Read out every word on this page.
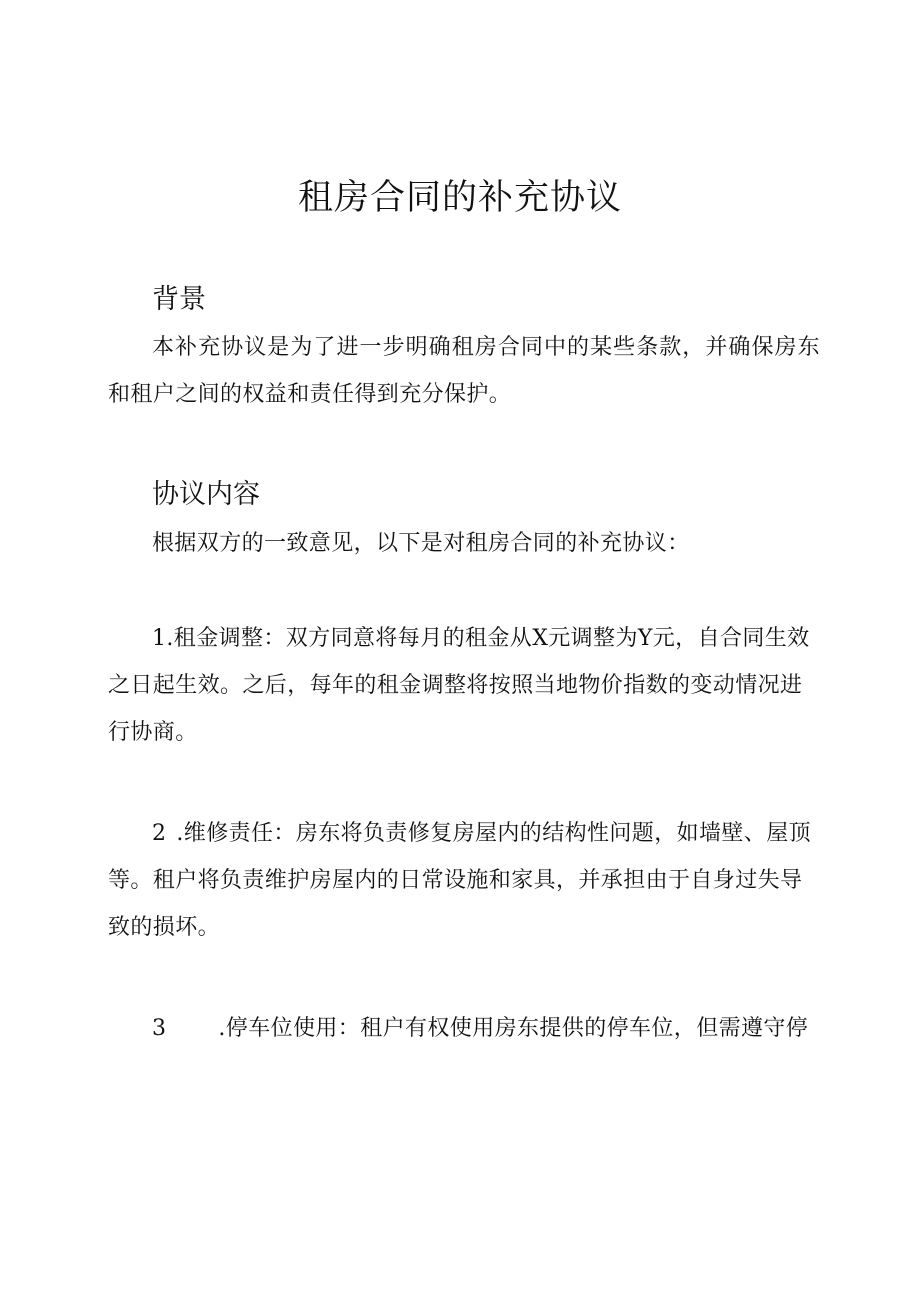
租房合同的补充协议
背景

本补充协议是为了进一步明确租房合同中的某些条款，并确保房东和租户之间的权益和责任得到充分保护。

协议内容

根据双方的一致意见，以下是对租房合同的补充协议：

1.租金调整：双方同意将每月的租金从X元调整为Y元，自合同生效之日起生效。之后，每年的租金调整将按照当地物价指数的变动情况进行协商。

2 .维修责任：房东将负责修复房屋内的结构性问题，如墙壁、屋顶等。租户将负责维护房屋内的日常设施和家具，并承担由于自身过失导致的损坏。

3 .停车位使用：租户有权使用房东提供的停车位，但需遵守停
